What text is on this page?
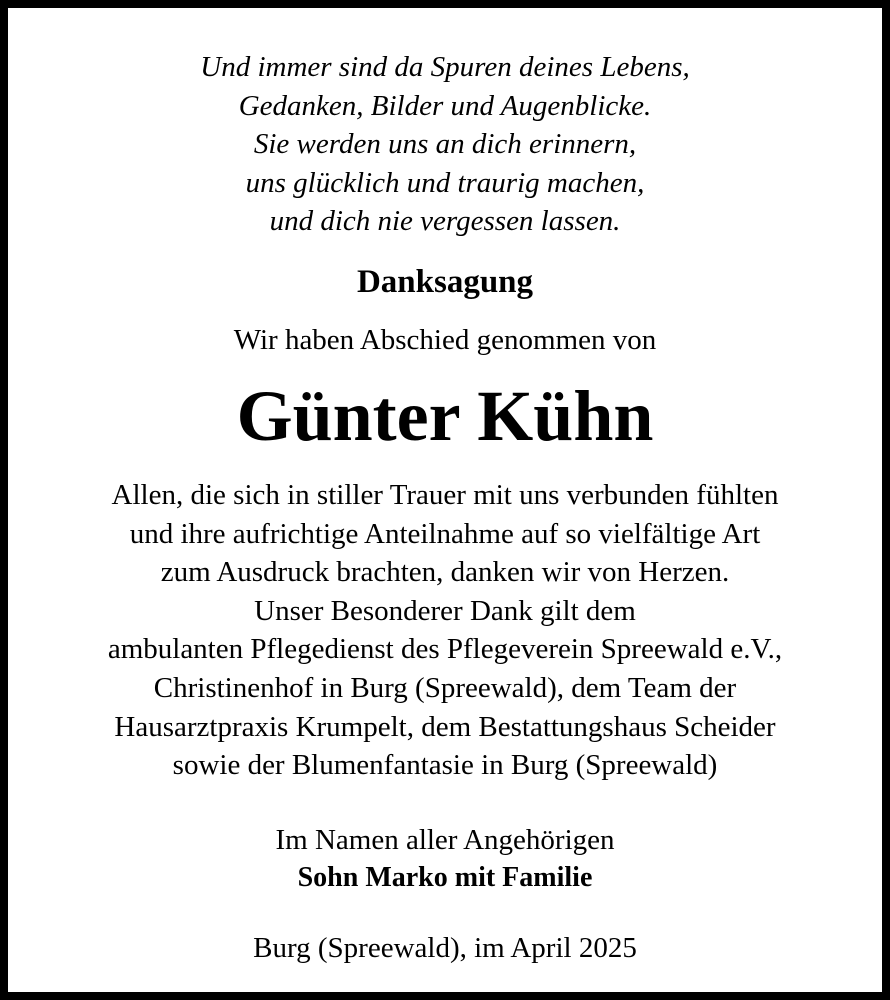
Und immer sind da Spuren deines Lebens,
Gedanken, Bilder und Augenblicke.
Sie werden uns an dich erinnern,
uns glücklich und traurig machen,
und dich nie vergessen lassen.
Danksagung
Wir haben Abschied genommen von
Günter Kühn
Allen, die sich in stiller Trauer mit uns verbunden fühlten
und ihre aufrichtige Anteilnahme auf so vielfältige Art
zum Ausdruck brachten, danken wir von Herzen.
Unser Besonderer Dank gilt dem
ambulanten Pflegedienst des Pflegeverein Spreewald e.V.,
Christinenhof in Burg (Spreewald), dem Team der
Hausarztpraxis Krumpelt, dem Bestattungshaus Scheider
sowie der Blumenfantasie in Burg (Spreewald)
Im Namen aller Angehörigen
Sohn Marko mit Familie
Burg (Spreewald), im April 2025
